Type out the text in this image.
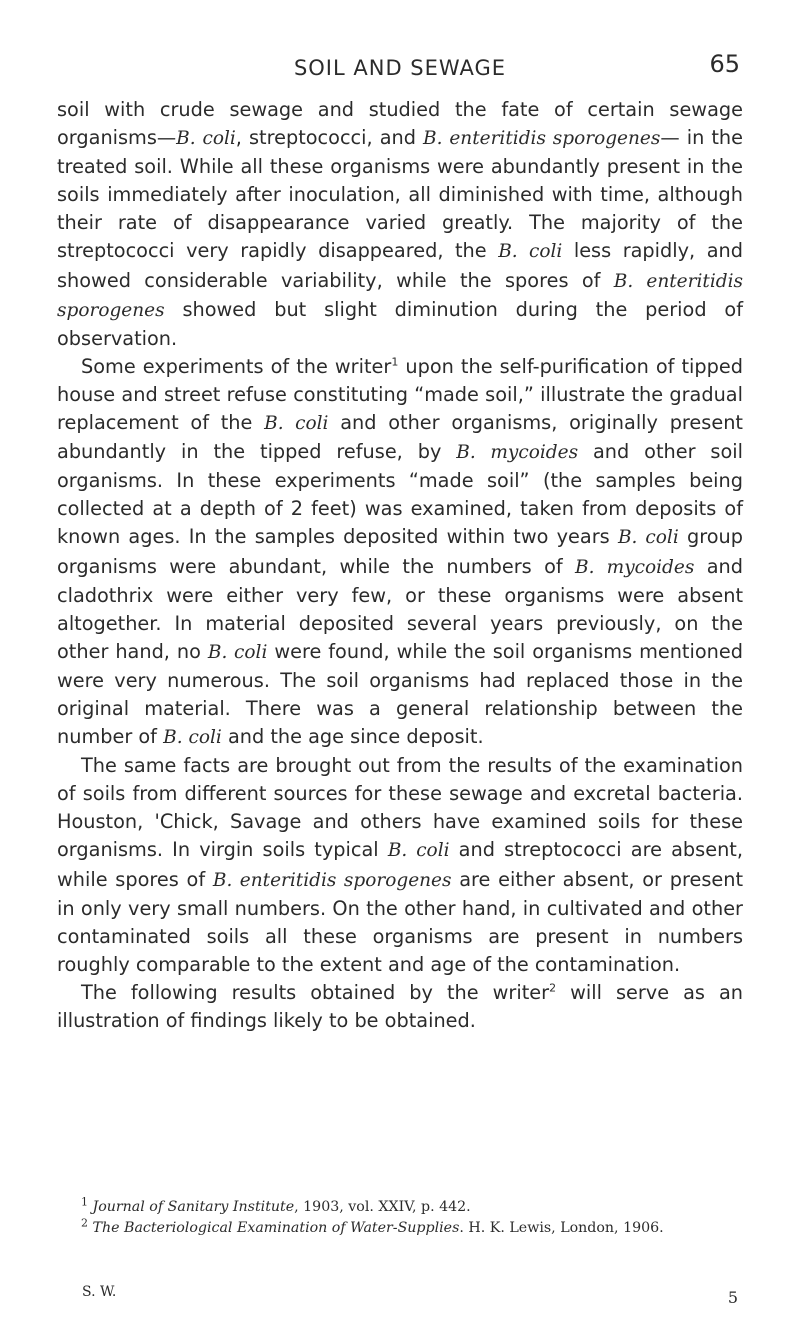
SOIL AND SEWAGE	65

soil with crude sewage and studied the fate of certain sewage organisms—B. coli, streptococci, and B. enteritidis sporogenes— in the treated soil. While all these organisms were abundantly present in the soils immediately after inoculation, all diminished with time, although their rate of disappearance varied greatly. The majority of the streptococci very rapidly disappeared, the B. coli less rapidly, and showed considerable variability, while the spores of B. enteritidis sporogenes showed but slight diminution during the period of observation.

Some experiments of the writer$^1$ upon the self-purification of tipped house and street refuse constituting “made soil,” illustrate the gradual replacement of the B. coli and other organisms, originally present abundantly in the tipped refuse, by B. mycoides and other soil organisms. In these experiments “made soil” (the samples being collected at a depth of 2 feet) was examined, taken from deposits of known ages. In the samples deposited within two years B. coli group organisms were abundant, while the numbers of B. mycoides and cladothrix were either very few, or these organisms were absent altogether. In material deposited several years previously, on the other hand, no B. coli were found, while the soil organisms mentioned were very numerous. The soil organisms had replaced those in the original material. There was a general relationship between the number of B. coli and the age since deposit.

The same facts are brought out from the results of the examination of soils from different sources for these sewage and excretal bacteria. Houston, 'Chick, Savage and others have examined soils for these organisms. In virgin soils typical B. coli and streptococci are absent, while spores of B. enteritidis sporogenes are either absent, or present in only very small numbers. On the other hand, in cultivated and other contaminated soils all these organisms are present in numbers roughly comparable to the extent and age of the contamination.

The following results obtained by the writer$^2$ will serve as an illustration of findings likely to be obtained.

$^1$ Journal of Sanitary Institute, 1903, vol. XXIV, p. 442.

$^2$ The Bacteriological Examination of Water-Supplies. H. K. Lewis, London, 1906.

S. W.	5
